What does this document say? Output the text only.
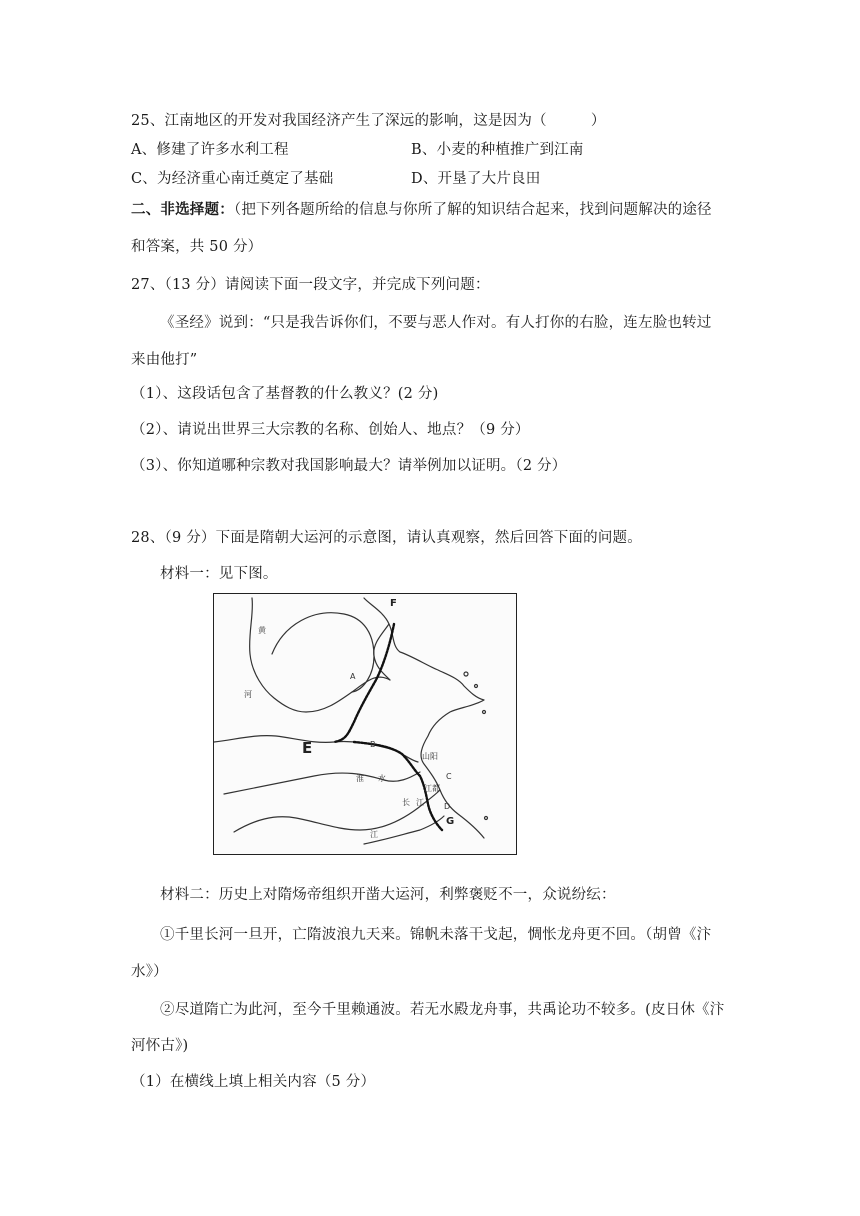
25、江南地区的开发对我国经济产生了深远的影响，这是因为（　　　）
A、修建了许多水利工程	B、小麦的种植推广到江南
C、为经济重心南迁奠定了基础	D、开垦了大片良田
二、非选择题：（把下列各题所给的信息与你所了解的知识结合起来，找到问题解决的途径
和答案，共 50 分）
27、（13 分）请阅读下面一段文字，并完成下列问题：
《圣经》说到：“只是我告诉你们，不要与恶人作对。有人打你的右脸，连左脸也转过
来由他打”
（1）、这段话包含了基督教的什么教义？(2 分)
（2）、请说出世界三大宗教的名称、创始人、地点？（9 分）
（3）、你知道哪种宗教对我国影响最大？请举例加以证明。（2 分）
28、（9 分）下面是隋朝大运河的示意图，请认真观察，然后回答下面的问题。
材料一：见下图。
黄
河
A
B
C
D
E
F
G
淮 水
山阳
江都
长 江
江
材料二：历史上对隋炀帝组织开凿大运河，利弊褒贬不一，众说纷纭：
①千里长河一旦开，亡隋波浪九天来。锦帆未落干戈起，惆怅龙舟更不回。（胡曾《汴
水》）
②尽道隋亡为此河，至今千里赖通波。若无水殿龙舟事，共禹论功不较多。(皮日休《汴
河怀古》)
（1）在横线上填上相关内容（5 分）
